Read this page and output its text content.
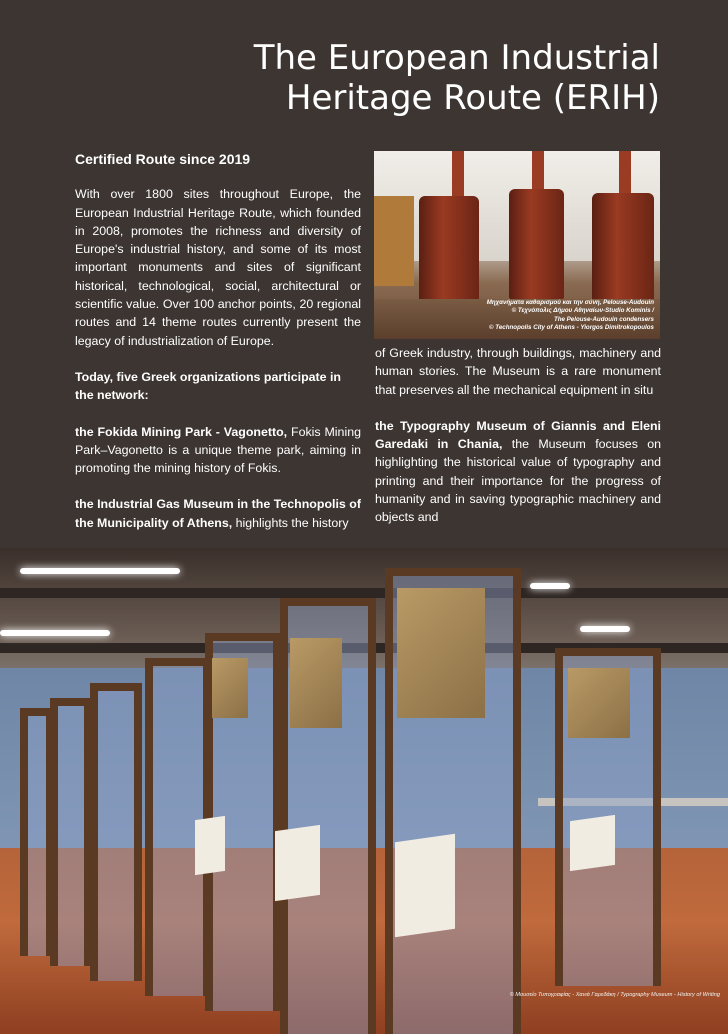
The European Industrial
Heritage Route (ERIH)
Certified Route since 2019

With over 1800 sites throughout Europe, the European Industrial Heritage Route, which founded in 2008, promotes the richness and diversity of Europe's industrial history, and some of its most important monuments and sites of significant historical, technological, social, architectural or scientific value. Over 100 anchor points, 20 regional routes and 14 theme routes currently present the legacy of industrialization of Europe.

Today, five Greek organizations participate in the network:

the Fokida Mining Park - Vagonetto, Fokis Mining Park–Vagonetto is a unique theme park, aiming in promoting the mining history of Fokis.

the Industrial Gas Museum in the Technopolis of the Municipality of Athens, highlights the history

Μηχανήματα καθαρισμού και την σύνη, Pelouse-Audouin
© Τεχνόπολις Δήμου Αθηναίων-Studio Kominis /
The Pelouse-Audouin condensers
© Technopolis City of Athens - Yiorgos Dimitrokopoulos

of Greek industry, through buildings, machinery and human stories. The Museum is a rare monument that preserves all the mechanical equipment in situ

the Typography Museum of Giannis and Eleni Garedaki in Chania, the Museum focuses on highlighting the historical value of typography and printing and their importance for the progress of humanity and in saving typographic machinery and objects and

© Μουσείο Τυπογραφίας - Χανιά Γαρεδάκη / Typography Museum - History of Writing
